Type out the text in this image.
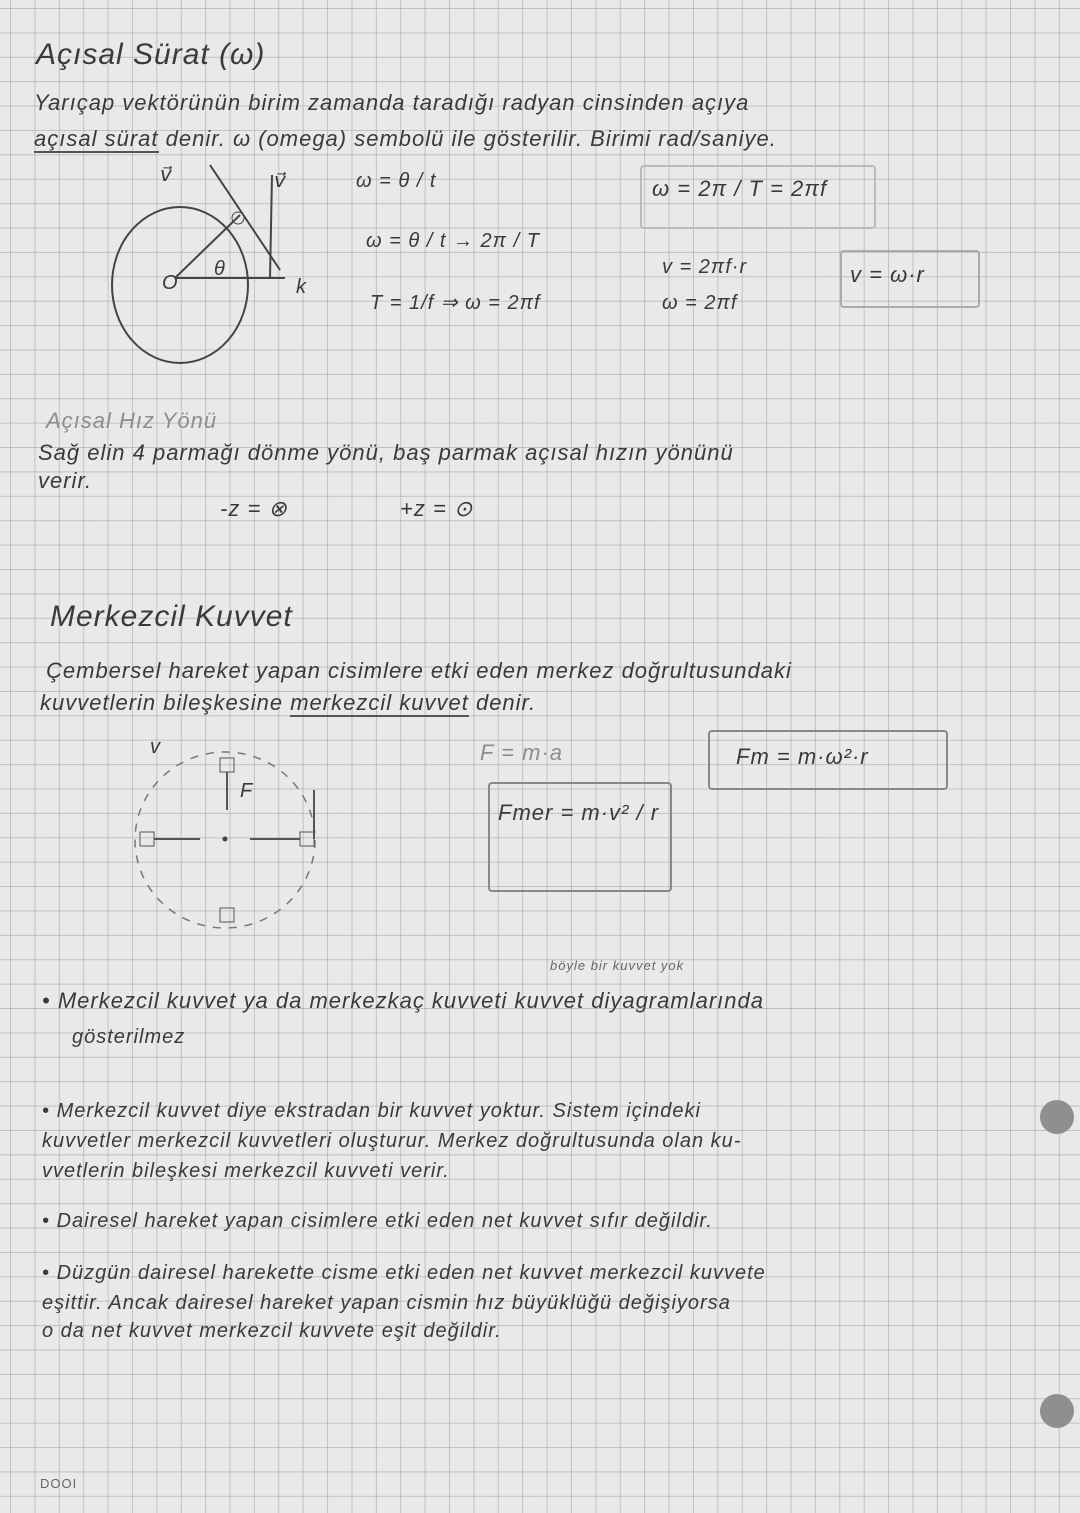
Açısal Sürat (ω)
Yarıçap vektörünün birim zamanda taradığı radyan cinsinden açıya
açısal sürat denir. ω (omega) sembolü ile gösterilir. Birimi rad/saniye.
v⃗	v⃗
θ
O	k
ω = θ / t
ω = θ / t → 2π / T
T = 1/f ⇒ ω = 2πf
ω = 2π / T = 2πf
v = 2πf·r
ω = 2πf
v = ω·r
Açısal Hız Yönü
Sağ elin 4 parmağı dönme yönü, baş parmak açısal hızın yönünü
verir.
-z = ⊗	+z = ⊙
Merkezcil Kuvvet
Çembersel hareket yapan cisimlere etki eden merkez doğrultusundaki
kuvvetlerin bileşkesine merkezcil kuvvet denir.
v
F
F = m·a
Fmer = m·v² / r
Fm = m·ω²·r
böyle bir kuvvet yok
• Merkezcil kuvvet ya da merkezkaç kuvveti kuvvet diyagramlarında
gösterilmez
• Merkezcil kuvvet diye ekstradan bir kuvvet yoktur. Sistem içindeki
kuvvetler merkezcil kuvvetleri oluşturur. Merkez doğrultusunda olan ku-
vvetlerin bileşkesi merkezcil kuvveti verir.
• Dairesel hareket yapan cisimlere etki eden net kuvvet sıfır değildir.
• Düzgün dairesel harekette cisme etki eden net kuvvet merkezcil kuvvete
eşittir. Ancak dairesel hareket yapan cismin hız büyüklüğü değişiyorsa
o da net kuvvet merkezcil kuvvete eşit değildir.
DOOI
